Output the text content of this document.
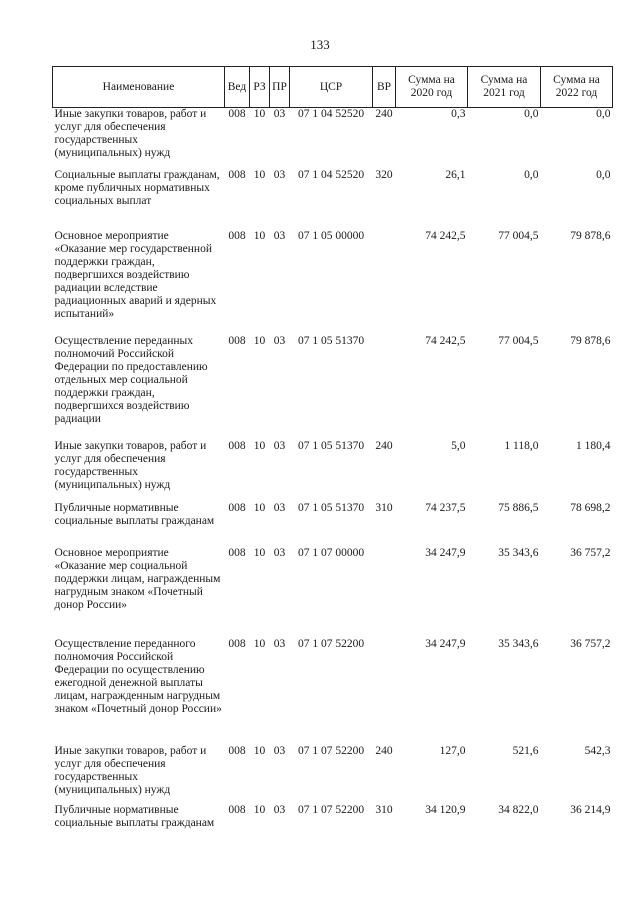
133
Наименование	Вед	РЗ	ПР	ЦСР	ВР	Сумма на 2020 год	Сумма на 2021 год	Сумма на 2022 год
Иные закупки товаров, работ и услуг для обеспечения государственных (муниципальных) нужд	008	10	03	07 1 04 52520	240	0,3	0,0	0,0
Социальные выплаты гражданам, кроме публичных нормативных социальных выплат	008	10	03	07 1 04 52520	320	26,1	0,0	0,0
Основное мероприятие «Оказание мер государственной поддержки граждан, подвергшихся воздействию радиации вследствие радиационных аварий и ядерных испытаний»	008	10	03	07 1 05 00000		74 242,5	77 004,5	79 878,6
Осуществление переданных полномочий Российской Федерации по предоставлению отдельных мер социальной поддержки граждан, подвергшихся воздействию радиации	008	10	03	07 1 05 51370		74 242,5	77 004,5	79 878,6
Иные закупки товаров, работ и услуг для обеспечения государственных (муниципальных) нужд	008	10	03	07 1 05 51370	240	5,0	1 118,0	1 180,4
Публичные нормативные социальные выплаты гражданам	008	10	03	07 1 05 51370	310	74 237,5	75 886,5	78 698,2
Основное мероприятие «Оказание мер социальной поддержки лицам, награжденным нагрудным знаком «Почетный донор России»	008	10	03	07 1 07 00000		34 247,9	35 343,6	36 757,2
Осуществление переданного полномочия Российской Федерации по осуществлению ежегодной денежной выплаты лицам, награжденным нагрудным знаком «Почетный донор России»	008	10	03	07 1 07 52200		34 247,9	35 343,6	36 757,2
Иные закупки товаров, работ и услуг для обеспечения государственных (муниципальных) нужд	008	10	03	07 1 07 52200	240	127,0	521,6	542,3
Публичные нормативные социальные выплаты гражданам	008	10	03	07 1 07 52200	310	34 120,9	34 822,0	36 214,9
